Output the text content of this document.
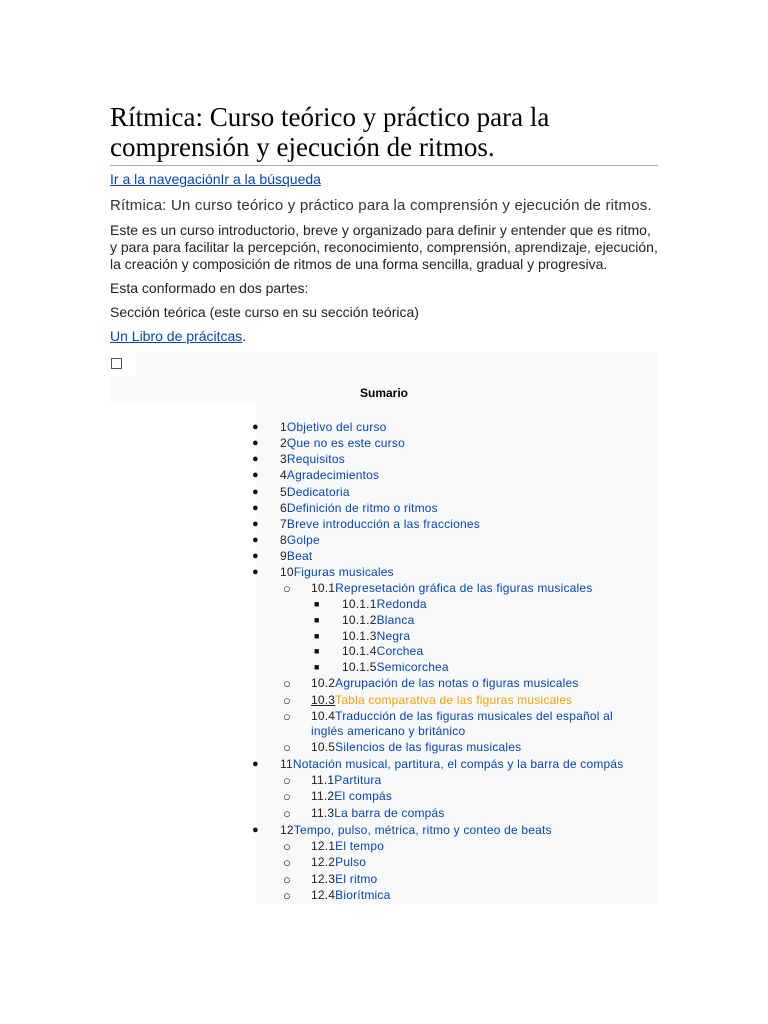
Rítmica: Curso teórico y práctico para la comprensión y ejecución de ritmos.
Ir a la navegaciónIr a la búsqueda
Rítmica: Un curso teórico y práctico para la comprensión y ejecución de ritmos.

Este es un curso introductorio, breve y organizado para definir y entender que es ritmo, y para para facilitar la percepción, reconocimiento, comprensión, aprendizaje, ejecución, la creación y composición de ritmos de una forma sencilla, gradual y progresiva.

Esta conformado en dos partes:

Sección teórica (este curso en su sección teórica)

Un Libro de prácitcas.

Sumario
● 1Objetivo del curso
● 2Que no es este curso
● 3Requisitos
● 4Agradecimientos
● 5Dedicatoria
● 6Definición de ritmo o ritmos
● 7Breve introducción a las fracciones
● 8Golpe
● 9Beat
● 10Figuras musicales
○ 10.1Represetación gráfica de las figuras musicales
■ 10.1.1Redonda
■ 10.1.2Blanca
■ 10.1.3Negra
■ 10.1.4Corchea
■ 10.1.5Semicorchea
○ 10.2Agrupación de las notas o figuras musicales
○ 10.3Tabla comparativa de las figuras musicales
○ 10.4Traducción de las figuras musicales del español al inglés americano y británico
○ 10.5Silencios de las figuras musicales
● 11Notación musical, partitura, el compás y la barra de compás
○ 11.1Partitura
○ 11.2El compás
○ 11.3La barra de compás
● 12Tempo, pulso, métrica, ritmo y conteo de beats
○ 12.1El tempo
○ 12.2Pulso
○ 12.3El ritmo
○ 12.4Biorítmica
